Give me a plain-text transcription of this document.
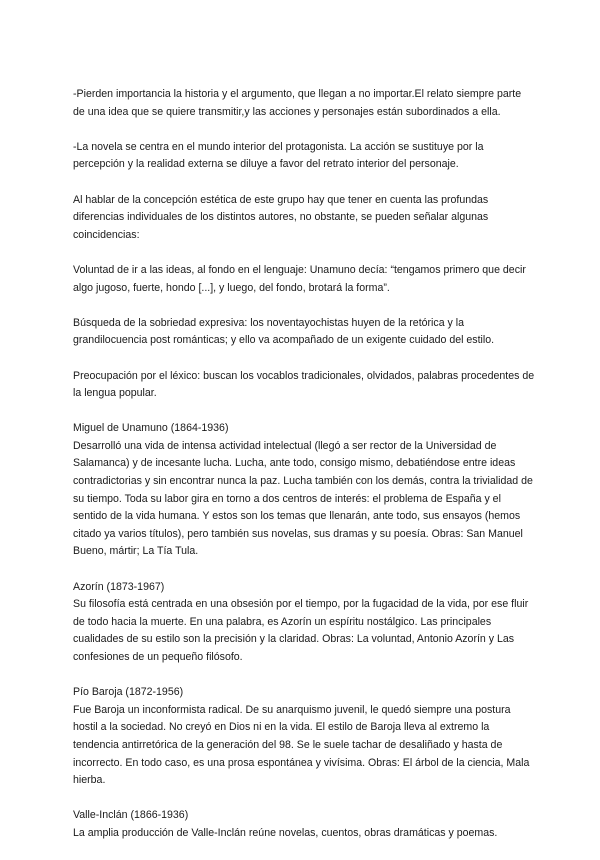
-Pierden importancia la historia y el argumento, que llegan a no importar.El relato siempre parte de una idea que se quiere transmitir,y las acciones y personajes están subordinados a ella.

-La novela se centra en el mundo interior del protagonista. La acción se sustituye por la percepción y la realidad externa se diluye a favor del retrato interior del personaje.

Al hablar de la concepción estética de este grupo hay que tener en cuenta las profundas diferencias individuales de los distintos autores, no obstante, se pueden señalar algunas coincidencias:

Voluntad de ir a las ideas, al fondo en el lenguaje: Unamuno decía: “tengamos primero que decir algo jugoso, fuerte, hondo [...], y luego, del fondo, brotará la forma”.

Búsqueda de la sobriedad expresiva: los noventayochistas huyen de la retórica y la grandilocuencia post románticas; y ello va acompañado de un exigente cuidado del estilo.

Preocupación por el léxico: buscan los vocablos tradicionales, olvidados, palabras procedentes de la lengua popular.

Miguel de Unamuno (1864-1936)

Desarrolló una vida de intensa actividad intelectual (llegó a ser rector de la Universidad de Salamanca) y de incesante lucha. Lucha, ante todo, consigo mismo, debatiéndose entre ideas contradictorias y sin encontrar nunca la paz. Lucha también con los demás, contra la trivialidad de su tiempo. Toda su labor gira en torno a dos centros de interés: el problema de España y el sentido de la vida humana. Y estos son los temas que llenarán, ante todo, sus ensayos (hemos citado ya varios títulos), pero también sus novelas, sus dramas y su poesía. Obras: San Manuel Bueno, mártir; La Tía Tula.

Azorín (1873-1967)

Su filosofía está centrada en una obsesión por el tiempo, por la fugacidad de la vida, por ese fluir de todo hacia la muerte. En una palabra, es Azorín un espíritu nostálgico. Las principales cualidades de su estilo son la precisión y la claridad. Obras: La voluntad, Antonio Azorín y Las confesiones de un pequeño filósofo.

Pío Baroja (1872-1956)

Fue Baroja un inconformista radical. De su anarquismo juvenil, le quedó siempre una postura hostil a la sociedad. No creyó en Dios ni en la vida. El estilo de Baroja lleva al extremo la tendencia antirretórica de la generación del 98. Se le suele tachar de desaliñado y hasta de incorrecto. En todo caso, es una prosa espontánea y vivísima. Obras: El árbol de la ciencia, Mala hierba.

Valle-Inclán (1866-1936)

La amplia producción de Valle-Inclán reúne novelas, cuentos, obras dramáticas y poemas.
